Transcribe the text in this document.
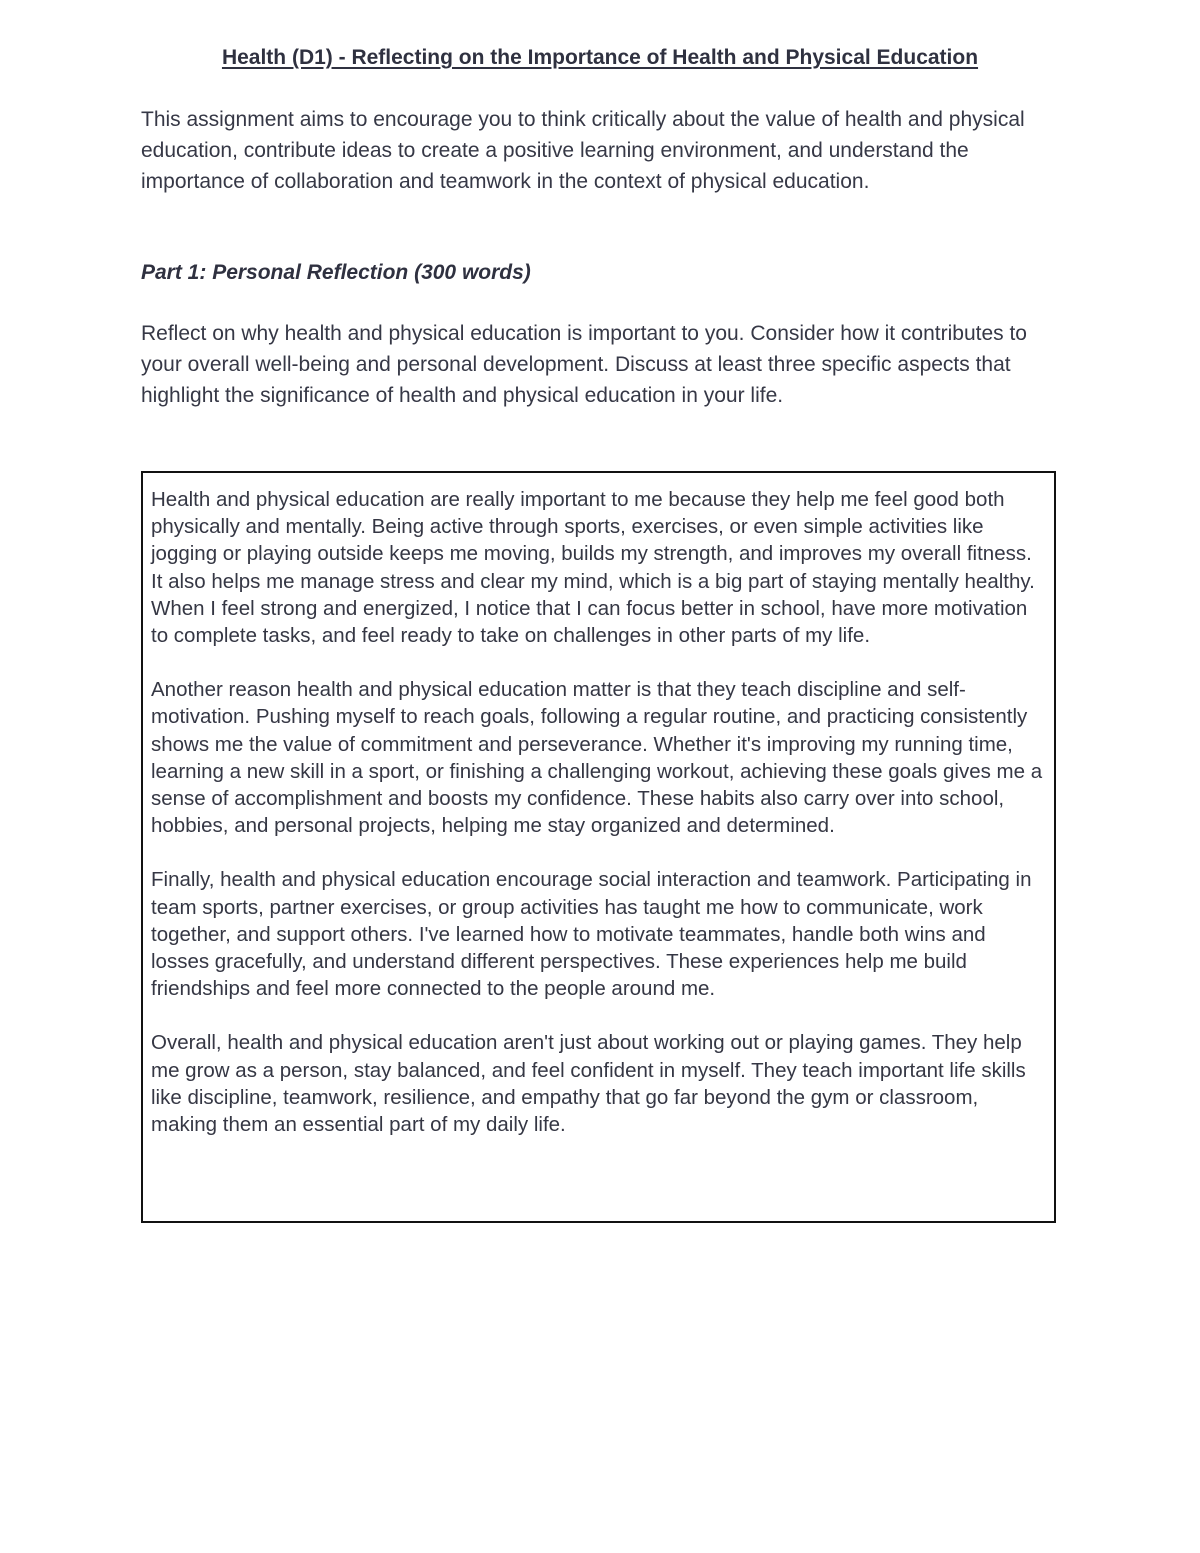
Health (D1) - Reflecting on the Importance of Health and Physical Education

This assignment aims to encourage you to think critically about the value of health and physical education, contribute ideas to create a positive learning environment, and understand the importance of collaboration and teamwork in the context of physical education.

Part 1: Personal Reflection (300 words)

Reflect on why health and physical education is important to you. Consider how it contributes to your overall well-being and personal development. Discuss at least three specific aspects that highlight the significance of health and physical education in your life.

Health and physical education are really important to me because they help me feel good both physically and mentally. Being active through sports, exercises, or even simple activities like jogging or playing outside keeps me moving, builds my strength, and improves my overall fitness. It also helps me manage stress and clear my mind, which is a big part of staying mentally healthy. When I feel strong and energized, I notice that I can focus better in school, have more motivation to complete tasks, and feel ready to take on challenges in other parts of my life.

Another reason health and physical education matter is that they teach discipline and self-motivation. Pushing myself to reach goals, following a regular routine, and practicing consistently shows me the value of commitment and perseverance. Whether it's improving my running time, learning a new skill in a sport, or finishing a challenging workout, achieving these goals gives me a sense of accomplishment and boosts my confidence. These habits also carry over into school, hobbies, and personal projects, helping me stay organized and determined.

Finally, health and physical education encourage social interaction and teamwork. Participating in team sports, partner exercises, or group activities has taught me how to communicate, work together, and support others. I've learned how to motivate teammates, handle both wins and losses gracefully, and understand different perspectives. These experiences help me build friendships and feel more connected to the people around me.

Overall, health and physical education aren't just about working out or playing games. They help me grow as a person, stay balanced, and feel confident in myself. They teach important life skills like discipline, teamwork, resilience, and empathy that go far beyond the gym or classroom, making them an essential part of my daily life.
